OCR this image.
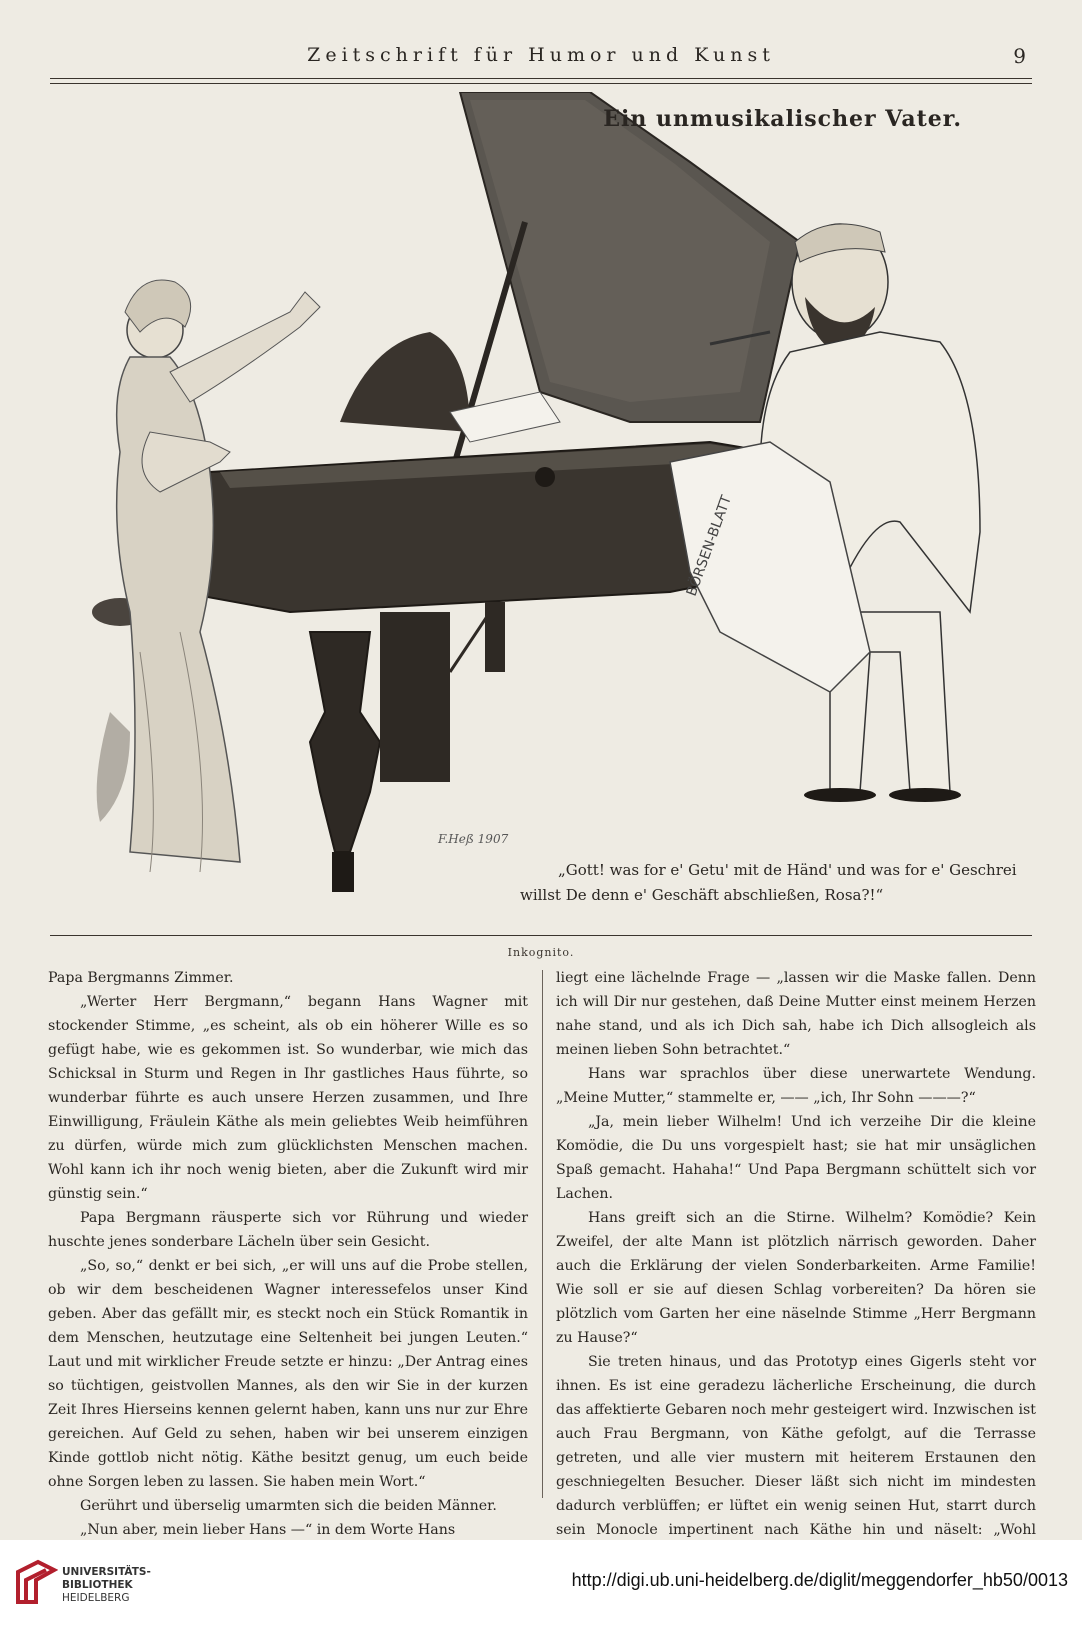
Zeitschrift für Humor und Kunst	9
BÖRSEN-BLATT
Ein unmusikalischer Vater.
F.Heß 1907
„Gott! was for e' Getu' mit de Händ' und was for e' Geschrei
willst De denn e' Geschäft abschließen, Rosa?!“
Inkognito.

Papa Bergmanns Zimmer.

„Werter Herr Bergmann,“ begann Hans Wagner mit stockender Stimme, „es scheint, als ob ein höherer Wille es so gefügt habe, wie es gekommen ist. So wunderbar, wie mich das Schicksal in Sturm und Regen in Ihr gastliches Haus führte, so wunderbar führte es auch unsere Herzen zusammen, und Ihre Einwilligung, Fräulein Käthe als mein geliebtes Weib heimführen zu dürfen, würde mich zum glücklichsten Menschen machen. Wohl kann ich ihr noch wenig bieten, aber die Zukunft wird mir günstig sein.“

Papa Bergmann räusperte sich vor Rührung und wieder huschte jenes sonderbare Lächeln über sein Gesicht.

„So, so,“ denkt er bei sich, „er will uns auf die Probe stellen, ob wir dem bescheidenen Wagner interessefelos unser Kind geben. Aber das gefällt mir, es steckt noch ein Stück Romantik in dem Menschen, heutzutage eine Seltenheit bei jungen Leuten.“ Laut und mit wirklicher Freude setzte er hinzu: „Der Antrag eines so tüchtigen, geistvollen Mannes, als den wir Sie in der kurzen Zeit Ihres Hierseins kennen gelernt haben, kann uns nur zur Ehre gereichen. Auf Geld zu sehen, haben wir bei unserem einzigen Kinde gottlob nicht nötig. Käthe besitzt genug, um euch beide ohne Sorgen leben zu lassen. Sie haben mein Wort.“

Gerührt und überselig umarmten sich die beiden Männer.

„Nun aber, mein lieber Hans —“ in dem Worte Hans

liegt eine lächelnde Frage — „lassen wir die Maske fallen. Denn ich will Dir nur gestehen, daß Deine Mutter einst meinem Herzen nahe stand, und als ich Dich sah, habe ich Dich allsogleich als meinen lieben Sohn betrachtet.“

Hans war sprachlos über diese unerwartete Wendung. „Meine Mutter,“ stammelte er, —— „ich, Ihr Sohn ———?“

„Ja, mein lieber Wilhelm! Und ich verzeihe Dir die kleine Komödie, die Du uns vorgespielt hast; sie hat mir unsäglichen Spaß gemacht. Hahaha!“ Und Papa Bergmann schüttelt sich vor Lachen.

Hans greift sich an die Stirne. Wilhelm? Komödie? Kein Zweifel, der alte Mann ist plötzlich närrisch geworden. Daher auch die Erklärung der vielen Sonderbarkeiten. Arme Familie! Wie soll er sie auf diesen Schlag vorbereiten? Da hören sie plötzlich vom Garten her eine näselnde Stimme „Herr Bergmann zu Hause?“

Sie treten hinaus, und das Prototyp eines Gigerls steht vor ihnen. Es ist eine geradezu lächerliche Erscheinung, die durch das affektierte Gebaren noch mehr gesteigert wird. Inzwischen ist auch Frau Bergmann, von Käthe gefolgt, auf die Terrasse getreten, und alle vier mustern mit heiterem Erstaunen den geschniegelten Besucher. Dieser läßt sich nicht im mindesten dadurch verblüffen; er lüftet ein wenig seinen Hut, starrt durch sein Monocle impertinent nach Käthe hin und näselt: „Wohl

UNIVERSITÄTS-
BIBLIOTHEK
HEIDELBERG
http://digi.ub.uni-heidelberg.de/diglit/meggendorfer_hb50/0013
